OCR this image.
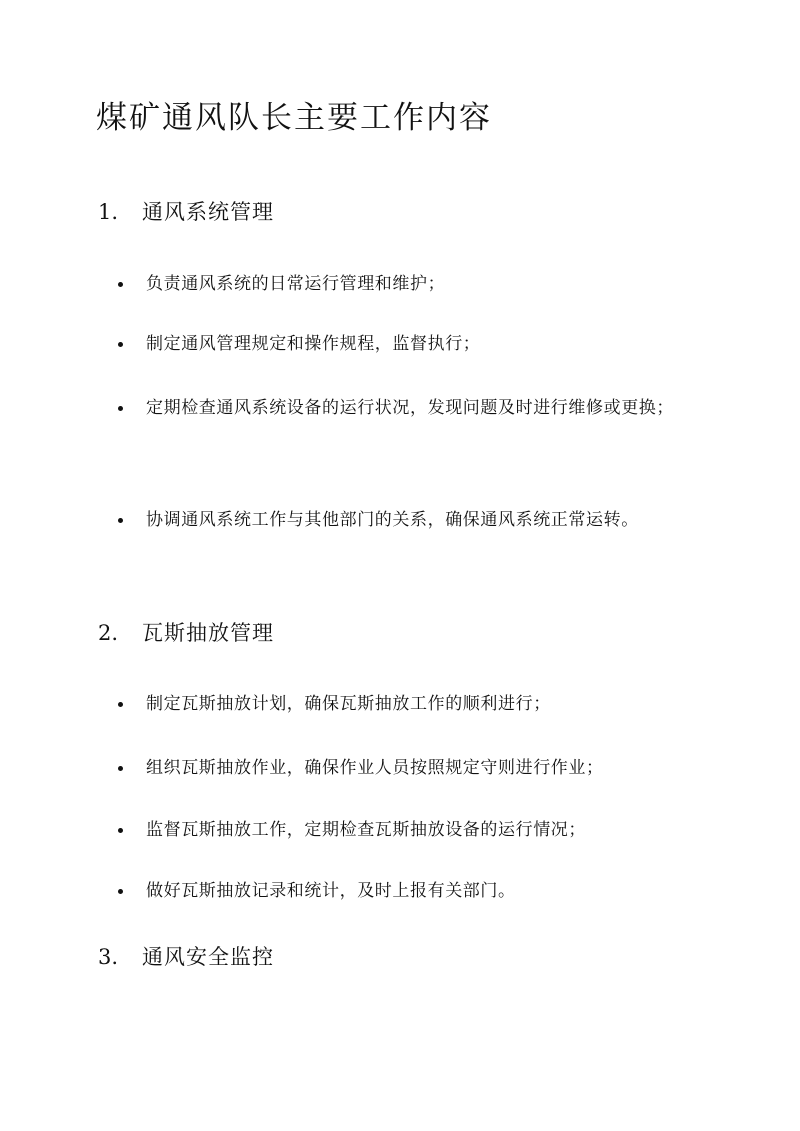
煤矿通风队长主要工作内容
1. 通风系统管理
负责通风系统的日常运行管理和维护；
制定通风管理规定和操作规程，监督执行；
定期检查通风系统设备的运行状况，发现问题及时进行维修或更换；
协调通风系统工作与其他部门的关系，确保通风系统正常运转。
2. 瓦斯抽放管理
制定瓦斯抽放计划，确保瓦斯抽放工作的顺利进行；
组织瓦斯抽放作业，确保作业人员按照规定守则进行作业；
监督瓦斯抽放工作，定期检查瓦斯抽放设备的运行情况；
做好瓦斯抽放记录和统计，及时上报有关部门。
3. 通风安全监控
